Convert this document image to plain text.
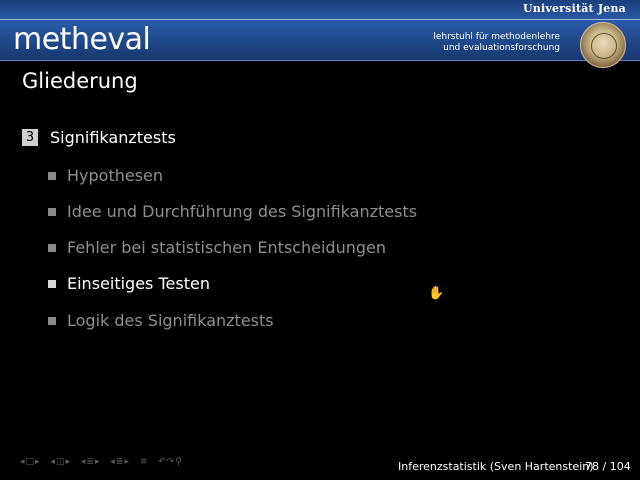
Universität Jena
metheval	lehrstuhl für methodenlehre
und evaluationsforschung
Gliederung
3 Signifikanztests
Hypothesen
Idee und Durchführung des Signifikanztests
Fehler bei statistischen Entscheidungen
Einseitiges Testen
Logik des Signifikanztests
✋
◂□▸ ◂◫▸ ◂≣▸ ◂≣▸ ≡ ↶↷⚲	Inferenzstatistik (Sven Hartenstein)
78 / 104
